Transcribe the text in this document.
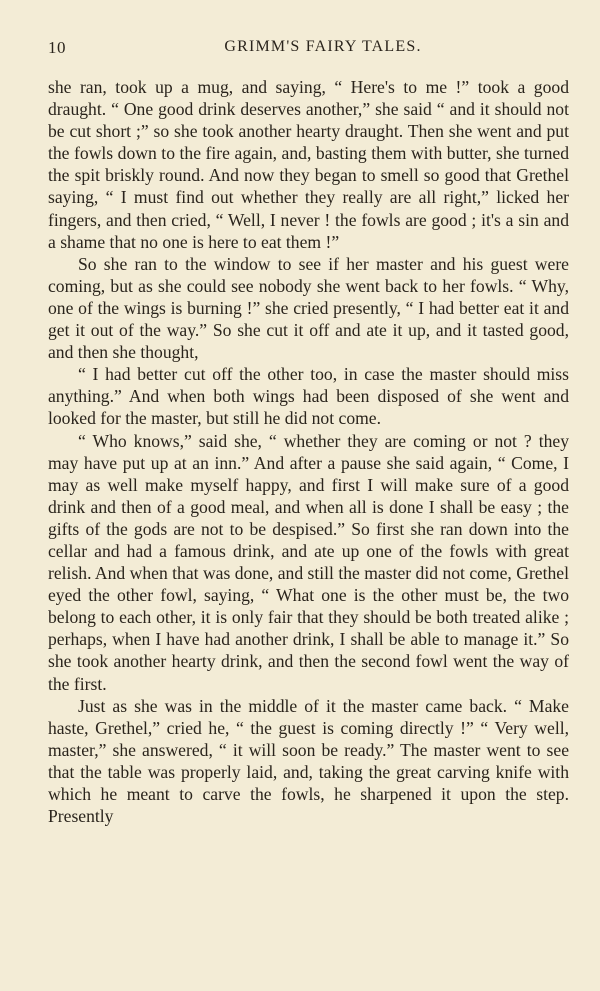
10	GRIMM'S FAIRY TALES.

she ran, took up a mug, and saying, “ Here's to me !” took a good draught. “ One good drink deserves another,” she said “ and it should not be cut short ;” so she took another hearty draught. Then she went and put the fowls down to the fire again, and, basting them with butter, she turned the spit briskly round. And now they began to smell so good that Grethel saying, “ I must find out whether they really are all right,” licked her fingers, and then cried, “ Well, I never ! the fowls are good ; it's a sin and a shame that no one is here to eat them !”

So she ran to the window to see if her master and his guest were coming, but as she could see nobody she went back to her fowls. “ Why, one of the wings is burning !” she cried presently, “ I had better eat it and get it out of the way.” So she cut it off and ate it up, and it tasted good, and then she thought,

“ I had better cut off the other too, in case the master should miss anything.” And when both wings had been disposed of she went and looked for the master, but still he did not come.

“ Who knows,” said she, “ whether they are coming or not ? they may have put up at an inn.” And after a pause she said again, “ Come, I may as well make myself happy, and first I will make sure of a good drink and then of a good meal, and when all is done I shall be easy ; the gifts of the gods are not to be despised.” So first she ran down into the cellar and had a famous drink, and ate up one of the fowls with great relish. And when that was done, and still the master did not come, Grethel eyed the other fowl, saying, “ What one is the other must be, the two belong to each other, it is only fair that they should be both treated alike ; perhaps, when I have had another drink, I shall be able to manage it.” So she took another hearty drink, and then the second fowl went the way of the first.

Just as she was in the middle of it the master came back. “ Make haste, Grethel,” cried he, “ the guest is coming directly !” “ Very well, master,” she answered, “ it will soon be ready.” The master went to see that the table was properly laid, and, taking the great carving knife with which he meant to carve the fowls, he sharpened it upon the step. Presently
